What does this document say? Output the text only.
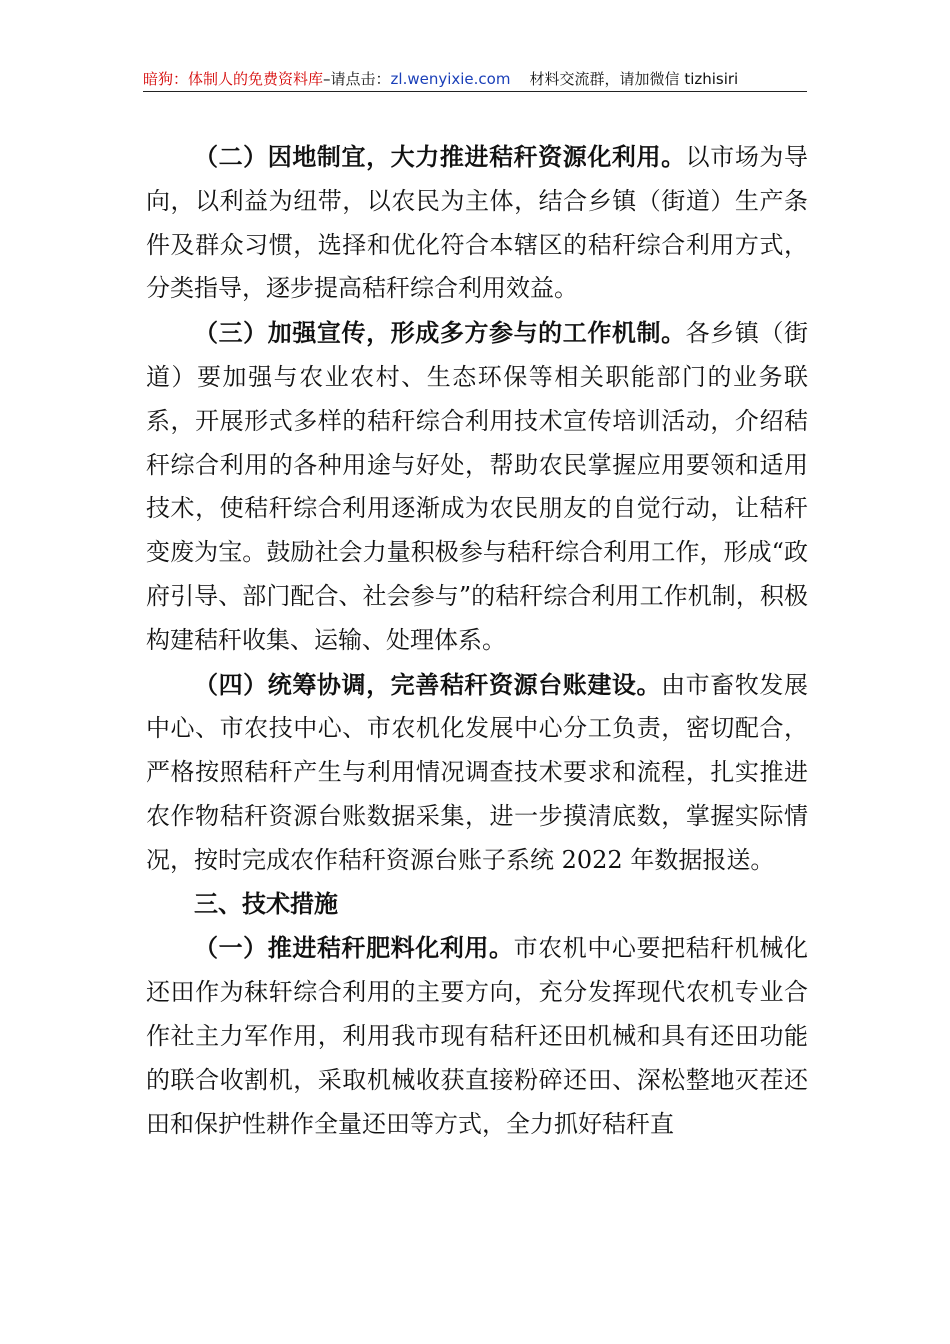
暗狗：体制人的免费资料库–请点击：zl.wenyixie.com 材料交流群，请加微信 tizhisiri

（二）因地制宜，大力推进秸秆资源化利用。以市场为导向，以利益为纽带，以农民为主体，结合乡镇（街道）生产条件及群众习惯，选择和优化符合本辖区的秸秆综合利用方式，分类指导，逐步提高秸秆综合利用效益。

（三）加强宣传，形成多方参与的工作机制。各乡镇（街道）要加强与农业农村、生态环保等相关职能部门的业务联系，开展形式多样的秸秆综合利用技术宣传培训活动，介绍秸秆综合利用的各种用途与好处，帮助农民掌握应用要领和适用技术，使秸秆综合利用逐渐成为农民朋友的自觉行动，让秸秆变废为宝。鼓励社会力量积极参与秸秆综合利用工作，形成“政府引导、部门配合、社会参与”的秸秆综合利用工作机制，积极构建秸秆收集、运输、处理体系。

（四）统筹协调，完善秸秆资源台账建设。由市畜牧发展中心、市农技中心、市农机化发展中心分工负责，密切配合，严格按照秸秆产生与利用情况调查技术要求和流程，扎实推进农作物秸秆资源台账数据采集，进一步摸清底数，掌握实际情况，按时完成农作秸秆资源台账子系统 2022 年数据报送。

三、技术措施

（一）推进秸秆肥料化利用。市农机中心要把秸秆机械化还田作为秣轩综合利用的主要方向，充分发挥现代农机专业合作社主力军作用，利用我市现有秸秆还田机械和具有还田功能的联合收割机，采取机械收获直接粉碎还田、深松整地灭茬还田和保护性耕作全量还田等方式，全力抓好秸秆直
